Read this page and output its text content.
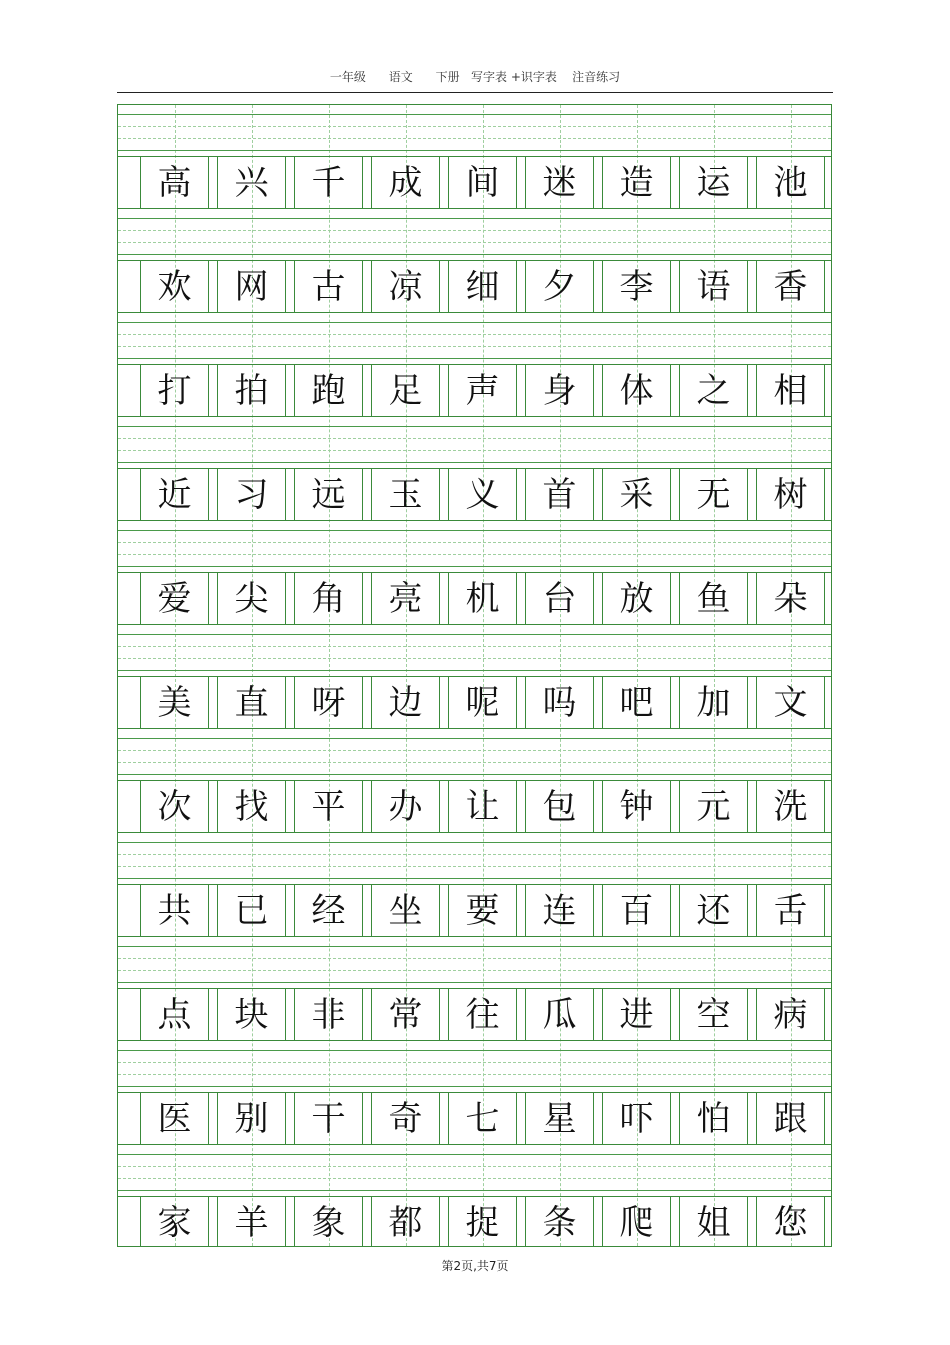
一年级      语文      下册   写字表 +识字表    注音练习
高	兴	千	成	间	迷	造	运	池
欢	网	古	凉	细	夕	李	语	香
打	拍	跑	足	声	身	体	之	相
近	习	远	玉	义	首	采	无	树
爱	尖	角	亮	机	台	放	鱼	朵
美	直	呀	边	呢	吗	吧	加	文
次	找	平	办	让	包	钟	元	洗
共	已	经	坐	要	连	百	还	舌
点	块	非	常	往	瓜	进	空	病
医	别	干	奇	七	星	吓	怕	跟
家	羊	象	都	捉	条	爬	姐	您
第2页,共7页
